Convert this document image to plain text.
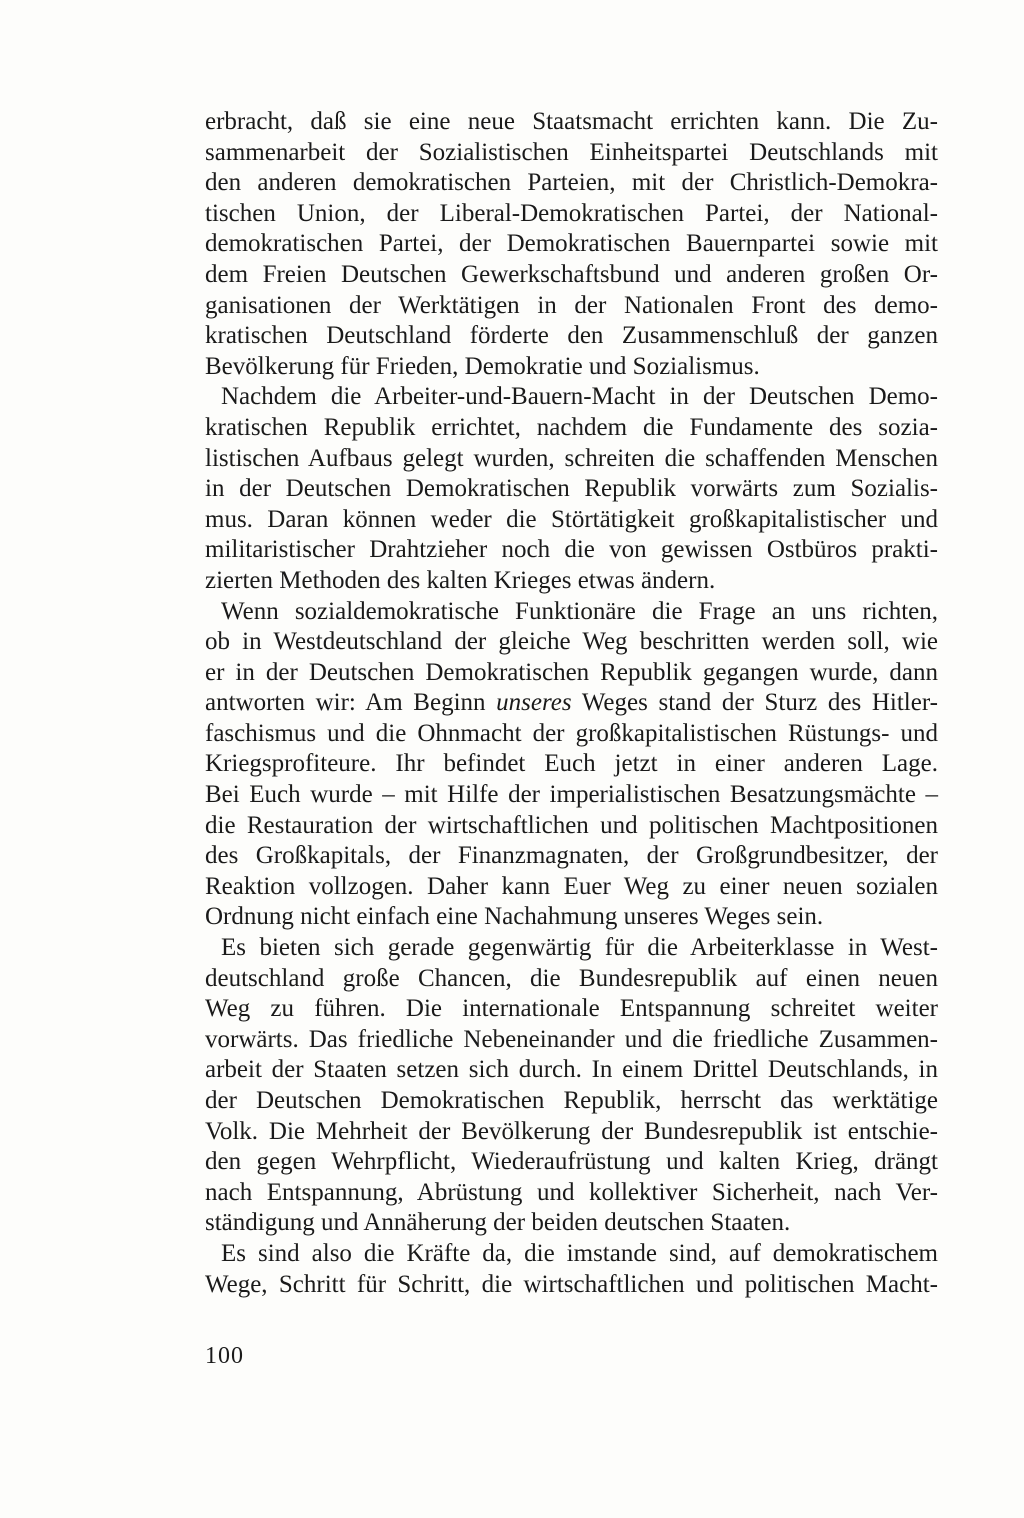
erbracht, daß sie eine neue Staatsmacht errichten kann. Die Zu-
sammenarbeit der Sozialistischen Einheitspartei Deutschlands mit
den anderen demokratischen Parteien, mit der Christlich-Demokra-
tischen Union, der Liberal-Demokratischen Partei, der National-
demokratischen Partei, der Demokratischen Bauernpartei sowie mit
dem Freien Deutschen Gewerkschaftsbund und anderen großen Or-
ganisationen der Werktätigen in der Nationalen Front des demo-
kratischen Deutschland förderte den Zusammenschluß der ganzen
Bevölkerung für Frieden, Demokratie und Sozialismus.
Nachdem die Arbeiter-und-Bauern-Macht in der Deutschen Demo-
kratischen Republik errichtet, nachdem die Fundamente des sozia-
listischen Aufbaus gelegt wurden, schreiten die schaffenden Menschen
in der Deutschen Demokratischen Republik vorwärts zum Sozialis-
mus. Daran können weder die Störtätigkeit großkapitalistischer und
militaristischer Drahtzieher noch die von gewissen Ostbüros prakti-
zierten Methoden des kalten Krieges etwas ändern.
Wenn sozialdemokratische Funktionäre die Frage an uns richten,
ob in Westdeutschland der gleiche Weg beschritten werden soll, wie
er in der Deutschen Demokratischen Republik gegangen wurde, dann
antworten wir: Am Beginn unseres Weges stand der Sturz des Hitler-
faschismus und die Ohnmacht der großkapitalistischen Rüstungs- und
Kriegsprofiteure. Ihr befindet Euch jetzt in einer anderen Lage.
Bei Euch wurde – mit Hilfe der imperialistischen Besatzungsmächte –
die Restauration der wirtschaftlichen und politischen Machtpositionen
des Großkapitals, der Finanzmagnaten, der Großgrundbesitzer, der
Reaktion vollzogen. Daher kann Euer Weg zu einer neuen sozialen
Ordnung nicht einfach eine Nachahmung unseres Weges sein.
Es bieten sich gerade gegenwärtig für die Arbeiterklasse in West-
deutschland große Chancen, die Bundesrepublik auf einen neuen
Weg zu führen. Die internationale Entspannung schreitet weiter
vorwärts. Das friedliche Nebeneinander und die friedliche Zusammen-
arbeit der Staaten setzen sich durch. In einem Drittel Deutschlands, in
der Deutschen Demokratischen Republik, herrscht das werktätige
Volk. Die Mehrheit der Bevölkerung der Bundesrepublik ist entschie-
den gegen Wehrpflicht, Wiederaufrüstung und kalten Krieg, drängt
nach Entspannung, Abrüstung und kollektiver Sicherheit, nach Ver-
ständigung und Annäherung der beiden deutschen Staaten.
Es sind also die Kräfte da, die imstande sind, auf demokratischem
Wege, Schritt für Schritt, die wirtschaftlichen und politischen Macht-
100
